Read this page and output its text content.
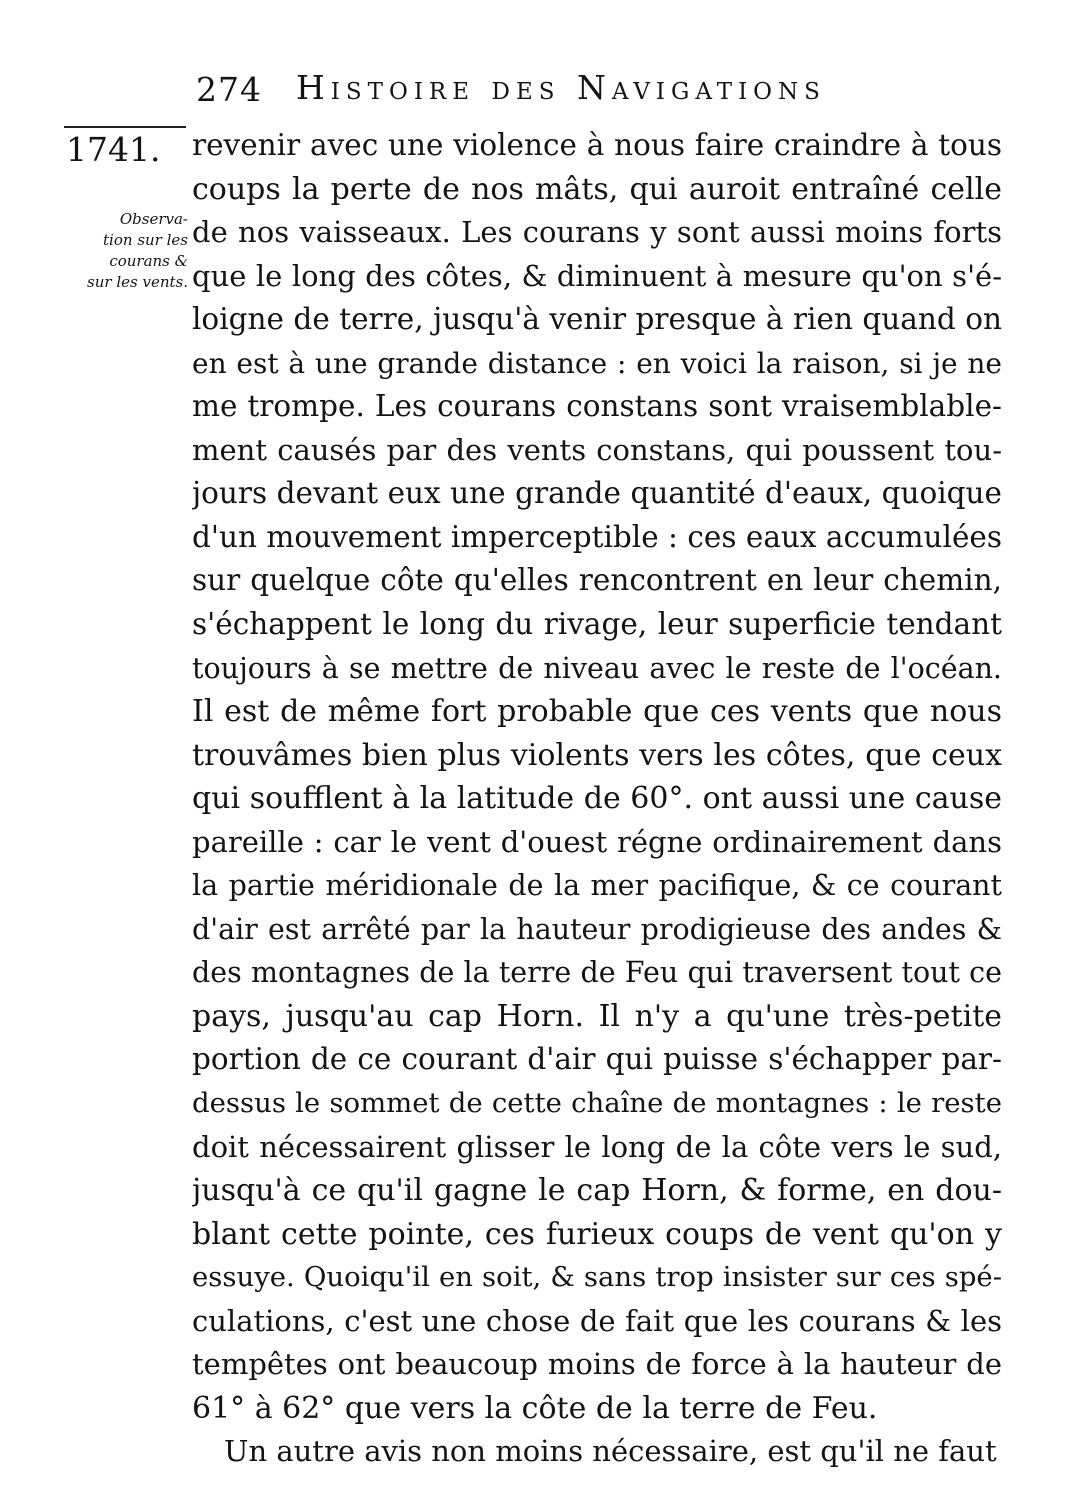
274 Histoire des Navigations
1741.
Observa-
tion sur les
courans &
sur les vents.
revenir avec une violence à nous faire craindre à tous
coups la perte de nos mâts, qui auroit entraîné celle
de nos vaisseaux. Les courans y sont aussi moins forts
que le long des côtes, & diminuent à mesure qu'on s'é-
loigne de terre, jusqu'à venir presque à rien quand on
en est à une grande distance : en voici la raison, si je ne
me trompe. Les courans constans sont vraisemblable-
ment causés par des vents constans, qui poussent tou-
jours devant eux une grande quantité d'eaux, quoique
d'un mouvement imperceptible : ces eaux accumulées
sur quelque côte qu'elles rencontrent en leur chemin,
s'échappent le long du rivage, leur superficie tendant
toujours à se mettre de niveau avec le reste de l'océan.
Il est de même fort probable que ces vents que nous
trouvâmes bien plus violents vers les côtes, que ceux
qui soufflent à la latitude de 60°. ont aussi une cause
pareille : car le vent d'ouest régne ordinairement dans
la partie méridionale de la mer pacifique, & ce courant
d'air est arrêté par la hauteur prodigieuse des andes &
des montagnes de la terre de Feu qui traversent tout ce
pays, jusqu'au cap Horn. Il n'y a qu'une très-petite
portion de ce courant d'air qui puisse s'échapper par-
dessus le sommet de cette chaîne de montagnes : le reste
doit nécessairent glisser le long de la côte vers le sud,
jusqu'à ce qu'il gagne le cap Horn, & forme, en dou-
blant cette pointe, ces furieux coups de vent qu'on y
essuye. Quoiqu'il en soit, & sans trop insister sur ces spé-
culations, c'est une chose de fait que les courans & les
tempêtes ont beaucoup moins de force à la hauteur de
61° à 62° que vers la côte de la terre de Feu.
Un autre avis non moins nécessaire, est qu'il ne faut
